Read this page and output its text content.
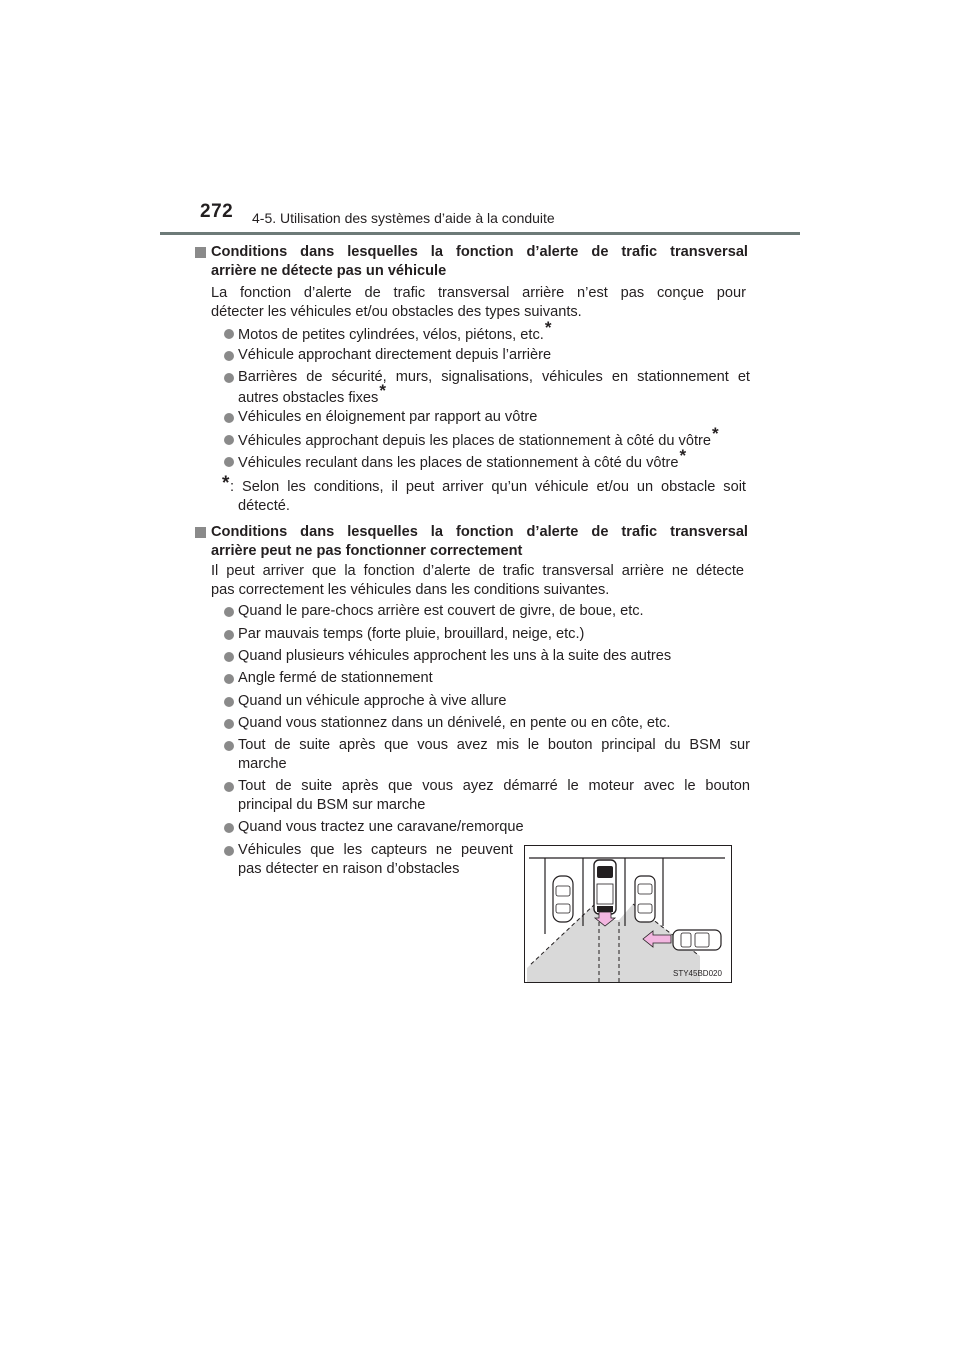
272 4-5. Utilisation des systèmes d’aide à la conduite
Conditions dans lesquelles la fonction d’alerte de trafic transversal
arrière ne détecte pas un véhicule
La fonction d’alerte de trafic transversal arrière n’est pas conçue pour
détecter les véhicules et/ou obstacles des types suivants.
Motos de petites cylindrées, vélos, piétons, etc.*
Véhicule approchant directement depuis l’arrière
Barrières de sécurité, murs, signalisations, véhicules en stationnement et
autres obstacles fixes*
Véhicules en éloignement par rapport au vôtre
Véhicules approchant depuis les places de stationnement à côté du vôtre*
Véhicules reculant dans les places de stationnement à côté du vôtre*
* : Selon les conditions, il peut arriver qu’un véhicule et/ou un obstacle soit
détecté.
Conditions dans lesquelles la fonction d’alerte de trafic transversal
arrière peut ne pas fonctionner correctement
Il peut arriver que la fonction d’alerte de trafic transversal arrière ne détecte
pas correctement les véhicules dans les conditions suivantes.
Quand le pare-chocs arrière est couvert de givre, de boue, etc.
Par mauvais temps (forte pluie, brouillard, neige, etc.)
Quand plusieurs véhicules approchent les uns à la suite des autres
Angle fermé de stationnement
Quand un véhicule approche à vive allure
Quand vous stationnez dans un dénivelé, en pente ou en côte, etc.
Tout de suite après que vous avez mis le bouton principal du BSM sur
marche
Tout de suite après que vous ayez démarré le moteur avec le bouton
principal du BSM sur marche
Quand vous tractez une caravane/remorque
Véhicules que les capteurs ne peuvent
pas détecter en raison d’obstacles
STY45BD020
